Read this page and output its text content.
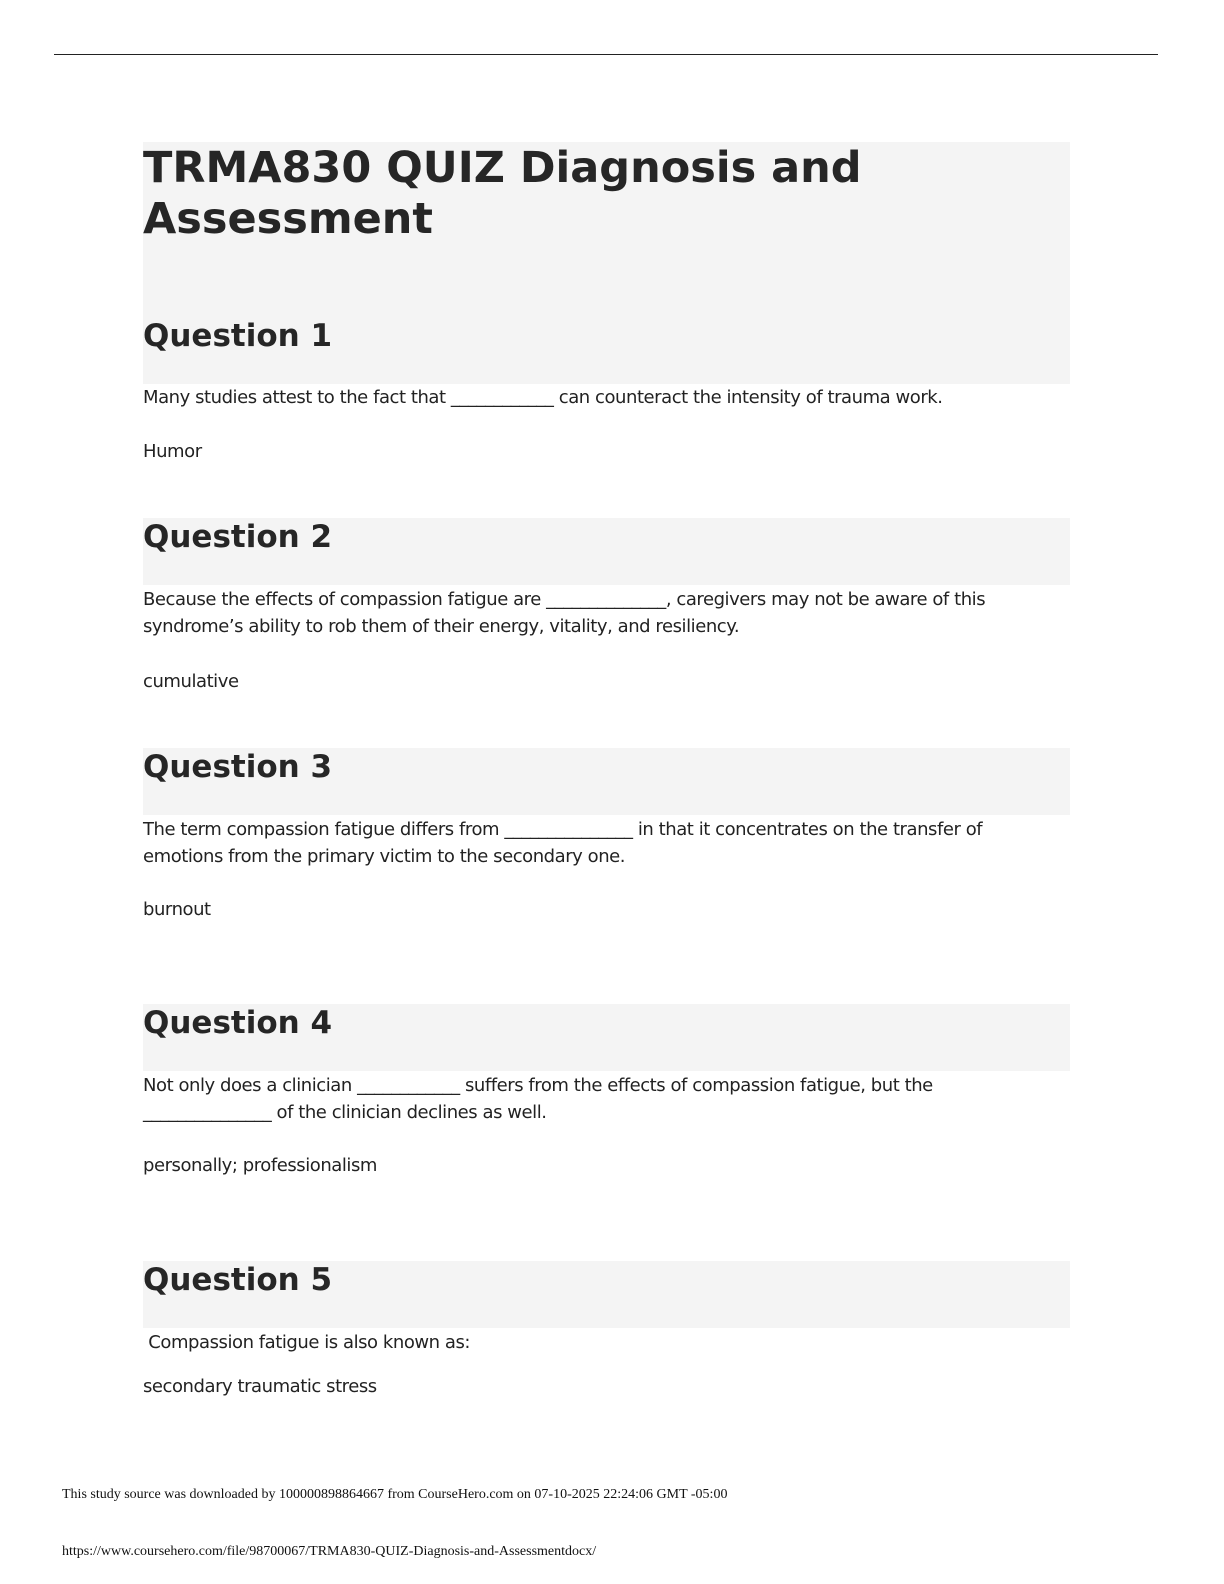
TRMA830 QUIZ Diagnosis and
Assessment
Question 1

Many studies attest to the fact that ____________ can counteract the intensity of trauma work.

Humor

Question 2

Because the effects of compassion fatigue are ______________, caregivers may not be aware of this
syndrome’s ability to rob them of their energy, vitality, and resiliency.

cumulative

Question 3

The term compassion fatigue differs from _______________ in that it concentrates on the transfer of
emotions from the primary victim to the secondary one.

burnout

Question 4

Not only does a clinician ____________ suffers from the effects of compassion fatigue, but the
_______________ of the clinician declines as well.

personally; professionalism

Question 5

Compassion fatigue is also known as:

secondary traumatic stress

This study source was downloaded by 100000898864667 from CourseHero.com on 07-10-2025 22:24:06 GMT -05:00

https://www.coursehero.com/file/98700067/TRMA830-QUIZ-Diagnosis-and-Assessmentdocx/
